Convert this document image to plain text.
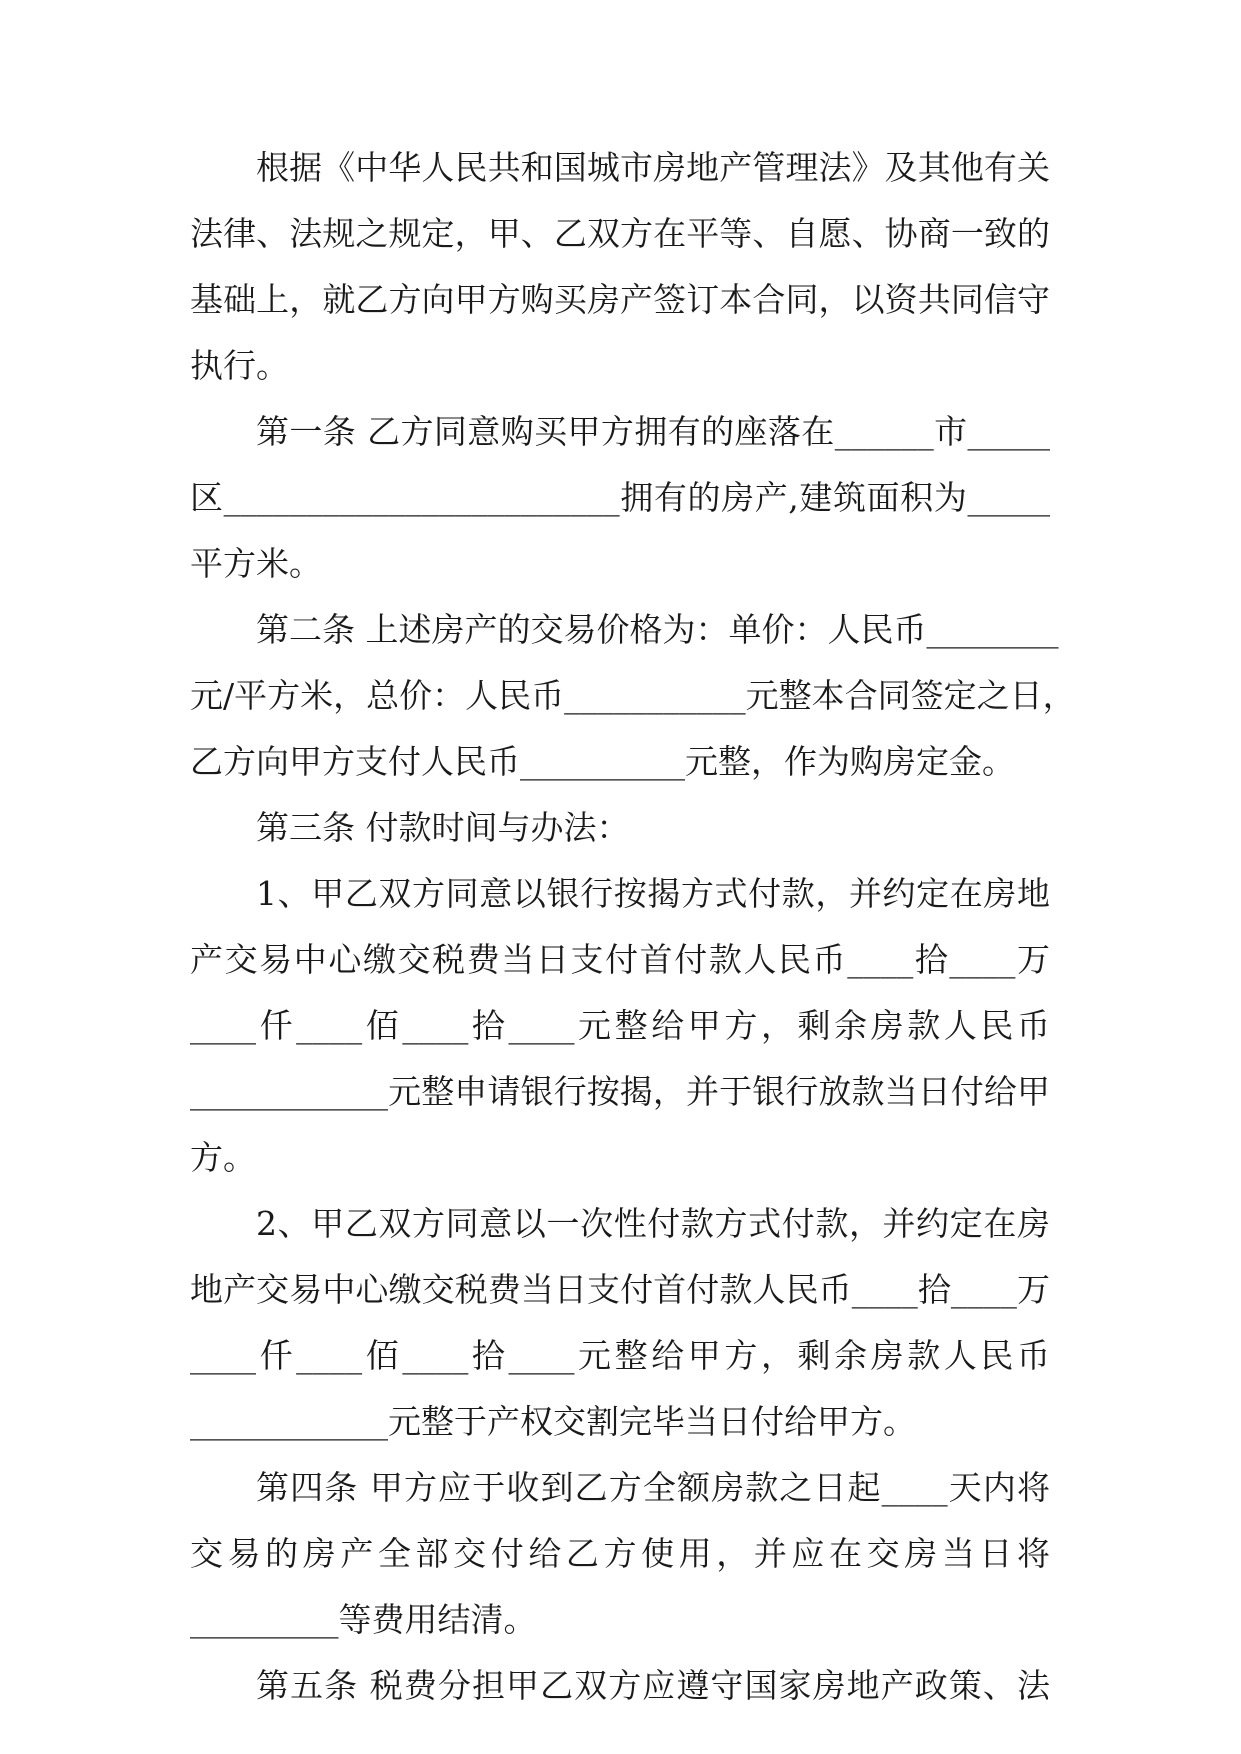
根据《中华人民共和国城市房地产管理法》及其他有关
法律、法规之规定，甲、乙双方在平等、自愿、协商一致的
基础上，就乙方向甲方购买房产签订本合同，以资共同信守
执行。
第一条 乙方同意购买甲方拥有的座落在______市_____
区________________________拥有的房产,建筑面积为_____
平方米。
第二条 上述房产的交易价格为：单价：人民币________
元/平方米，总价：人民币___________元整本合同签定之日，
乙方向甲方支付人民币__________元整，作为购房定金。
第三条 付款时间与办法：
1、甲乙双方同意以银行按揭方式付款，并约定在房地
产交易中心缴交税费当日支付首付款人民币____拾____万
____仟____佰____拾____元整给甲方，剩余房款人民币
____________元整申请银行按揭，并于银行放款当日付给甲
方。
2、甲乙双方同意以一次性付款方式付款，并约定在房
地产交易中心缴交税费当日支付首付款人民币____拾____万
____仟____佰____拾____元整给甲方，剩余房款人民币
____________元整于产权交割完毕当日付给甲方。
第四条 甲方应于收到乙方全额房款之日起____天内将
交易的房产全部交付给乙方使用，并应在交房当日将
_________等费用结清。
第五条 税费分担甲乙双方应遵守国家房地产政策、法
